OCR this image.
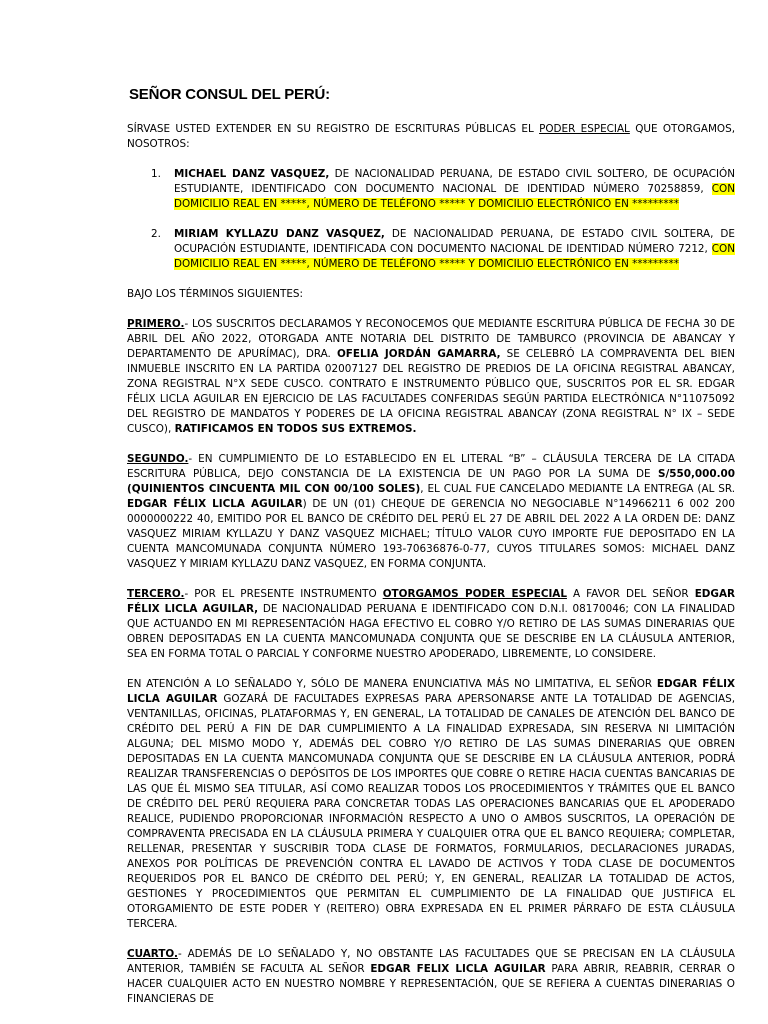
SEÑOR CONSUL DEL PERÚ:

SÍRVASE USTED EXTENDER EN SU REGISTRO DE ESCRITURAS PÚBLICAS EL PODER ESPECIAL QUE OTORGAMOS, NOSOTROS:

1. MICHAEL DANZ VASQUEZ, DE NACIONALIDAD PERUANA, DE ESTADO CIVIL SOLTERO, DE OCUPACIÓN ESTUDIANTE, IDENTIFICADO CON DOCUMENTO NACIONAL DE IDENTIDAD NÚMERO 70258859, CON DOMICILIO REAL EN *****, NÚMERO DE TELÉFONO ***** Y DOMICILIO ELECTRÓNICO EN *********
2. MIRIAM KYLLAZU DANZ VASQUEZ, DE NACIONALIDAD PERUANA, DE ESTADO CIVIL SOLTERA, DE OCUPACIÓN ESTUDIANTE, IDENTIFICADA CON DOCUMENTO NACIONAL DE IDENTIDAD NÚMERO 7212, CON DOMICILIO REAL EN *****, NÚMERO DE TELÉFONO ***** Y DOMICILIO ELECTRÓNICO EN *********

BAJO LOS TÉRMINOS SIGUIENTES:

PRIMERO.- LOS SUSCRITOS DECLARAMOS Y RECONOCEMOS QUE MEDIANTE ESCRITURA PÚBLICA DE FECHA 30 DE ABRIL DEL AÑO 2022, OTORGADA ANTE NOTARIA DEL DISTRITO DE TAMBURCO (PROVINCIA DE ABANCAY Y DEPARTAMENTO DE APURÍMAC), DRA. OFELIA JORDÁN GAMARRA, SE CELEBRÓ LA COMPRAVENTA DEL BIEN INMUEBLE INSCRITO EN LA PARTIDA 02007127 DEL REGISTRO DE PREDIOS DE LA OFICINA REGISTRAL ABANCAY, ZONA REGISTRAL N°X SEDE CUSCO. CONTRATO E INSTRUMENTO PÚBLICO QUE, SUSCRITOS POR EL SR. EDGAR FÉLIX LICLA AGUILAR EN EJERCICIO DE LAS FACULTADES CONFERIDAS SEGÚN PARTIDA ELECTRÓNICA N°11075092 DEL REGISTRO DE MANDATOS Y PODERES DE LA OFICINA REGISTRAL ABANCAY (ZONA REGISTRAL N° IX – SEDE CUSCO), RATIFICAMOS EN TODOS SUS EXTREMOS.

SEGUNDO.- EN CUMPLIMIENTO DE LO ESTABLECIDO EN EL LITERAL “B” – CLÁUSULA TERCERA DE LA CITADA ESCRITURA PÚBLICA, DEJO CONSTANCIA DE LA EXISTENCIA DE UN PAGO POR LA SUMA DE S/550,000.00 (QUINIENTOS CINCUENTA MIL CON 00/100 SOLES), EL CUAL FUE CANCELADO MEDIANTE LA ENTREGA (AL SR. EDGAR FÉLIX LICLA AGUILAR) DE UN (01) CHEQUE DE GERENCIA NO NEGOCIABLE N°14966211 6 002 200 0000000222 40, EMITIDO POR EL BANCO DE CRÉDITO DEL PERÚ EL 27 DE ABRIL DEL 2022 A LA ORDEN DE: DANZ VASQUEZ MIRIAM KYLLAZU Y DANZ VASQUEZ MICHAEL; TÍTULO VALOR CUYO IMPORTE FUE DEPOSITADO EN LA CUENTA MANCOMUNADA CONJUNTA NÚMERO 193-70636876-0-77, CUYOS TITULARES SOMOS: MICHAEL DANZ VASQUEZ Y MIRIAM KYLLAZU DANZ VASQUEZ, EN FORMA CONJUNTA.

TERCERO.- POR EL PRESENTE INSTRUMENTO OTORGAMOS PODER ESPECIAL A FAVOR DEL SEÑOR EDGAR FÉLIX LICLA AGUILAR, DE NACIONALIDAD PERUANA E IDENTIFICADO CON D.N.I. 08170046; CON LA FINALIDAD QUE ACTUANDO EN MI REPRESENTACIÓN HAGA EFECTIVO EL COBRO Y/O RETIRO DE LAS SUMAS DINERARIAS QUE OBREN DEPOSITADAS EN LA CUENTA MANCOMUNADA CONJUNTA QUE SE DESCRIBE EN LA CLÁUSULA ANTERIOR, SEA EN FORMA TOTAL O PARCIAL Y CONFORME NUESTRO APODERADO, LIBREMENTE, LO CONSIDERE.

EN ATENCIÓN A LO SEÑALADO Y, SÓLO DE MANERA ENUNCIATIVA MÁS NO LIMITATIVA, EL SEÑOR EDGAR FÉLIX LICLA AGUILAR GOZARÁ DE FACULTADES EXPRESAS PARA APERSONARSE ANTE LA TOTALIDAD DE AGENCIAS, VENTANILLAS, OFICINAS, PLATAFORMAS Y, EN GENERAL, LA TOTALIDAD DE CANALES DE ATENCIÓN DEL BANCO DE CRÉDITO DEL PERÚ A FIN DE DAR CUMPLIMIENTO A LA FINALIDAD EXPRESADA, SIN RESERVA NI LIMITACIÓN ALGUNA; DEL MISMO MODO Y, ADEMÁS DEL COBRO Y/O RETIRO DE LAS SUMAS DINERARIAS QUE OBREN DEPOSITADAS EN LA CUENTA MANCOMUNADA CONJUNTA QUE SE DESCRIBE EN LA CLÁUSULA ANTERIOR, PODRÁ REALIZAR TRANSFERENCIAS O DEPÓSITOS DE LOS IMPORTES QUE COBRE O RETIRE HACIA CUENTAS BANCARIAS DE LAS QUE ÉL MISMO SEA TITULAR, ASÍ COMO REALIZAR TODOS LOS PROCEDIMIENTOS Y TRÁMITES QUE EL BANCO DE CRÉDITO DEL PERÚ REQUIERA PARA CONCRETAR TODAS LAS OPERACIONES BANCARIAS QUE EL APODERADO REALICE, PUDIENDO PROPORCIONAR INFORMACIÓN RESPECTO A UNO O AMBOS SUSCRITOS, LA OPERACIÓN DE COMPRAVENTA PRECISADA EN LA CLÁUSULA PRIMERA Y CUALQUIER OTRA QUE EL BANCO REQUIERA; COMPLETAR, RELLENAR, PRESENTAR Y SUSCRIBIR TODA CLASE DE FORMATOS, FORMULARIOS, DECLARACIONES JURADAS, ANEXOS POR POLÍTICAS DE PREVENCIÓN CONTRA EL LAVADO DE ACTIVOS Y TODA CLASE DE DOCUMENTOS REQUERIDOS POR EL BANCO DE CRÉDITO DEL PERÚ; Y, EN GENERAL, REALIZAR LA TOTALIDAD DE ACTOS, GESTIONES Y PROCEDIMIENTOS QUE PERMITAN EL CUMPLIMIENTO DE LA FINALIDAD QUE JUSTIFICA EL OTORGAMIENTO DE ESTE PODER Y (REITERO) OBRA EXPRESADA EN EL PRIMER PÁRRAFO DE ESTA CLÁUSULA TERCERA.

CUARTO.- ADEMÁS DE LO SEÑALADO Y, NO OBSTANTE LAS FACULTADES QUE SE PRECISAN EN LA CLÁUSULA ANTERIOR, TAMBIÉN SE FACULTA AL SEÑOR EDGAR FELIX LICLA AGUILAR PARA ABRIR, REABRIR, CERRAR O HACER CUALQUIER ACTO EN NUESTRO NOMBRE Y REPRESENTACIÓN, QUE SE REFIERA A CUENTAS DINERARIAS O FINANCIERAS DE
